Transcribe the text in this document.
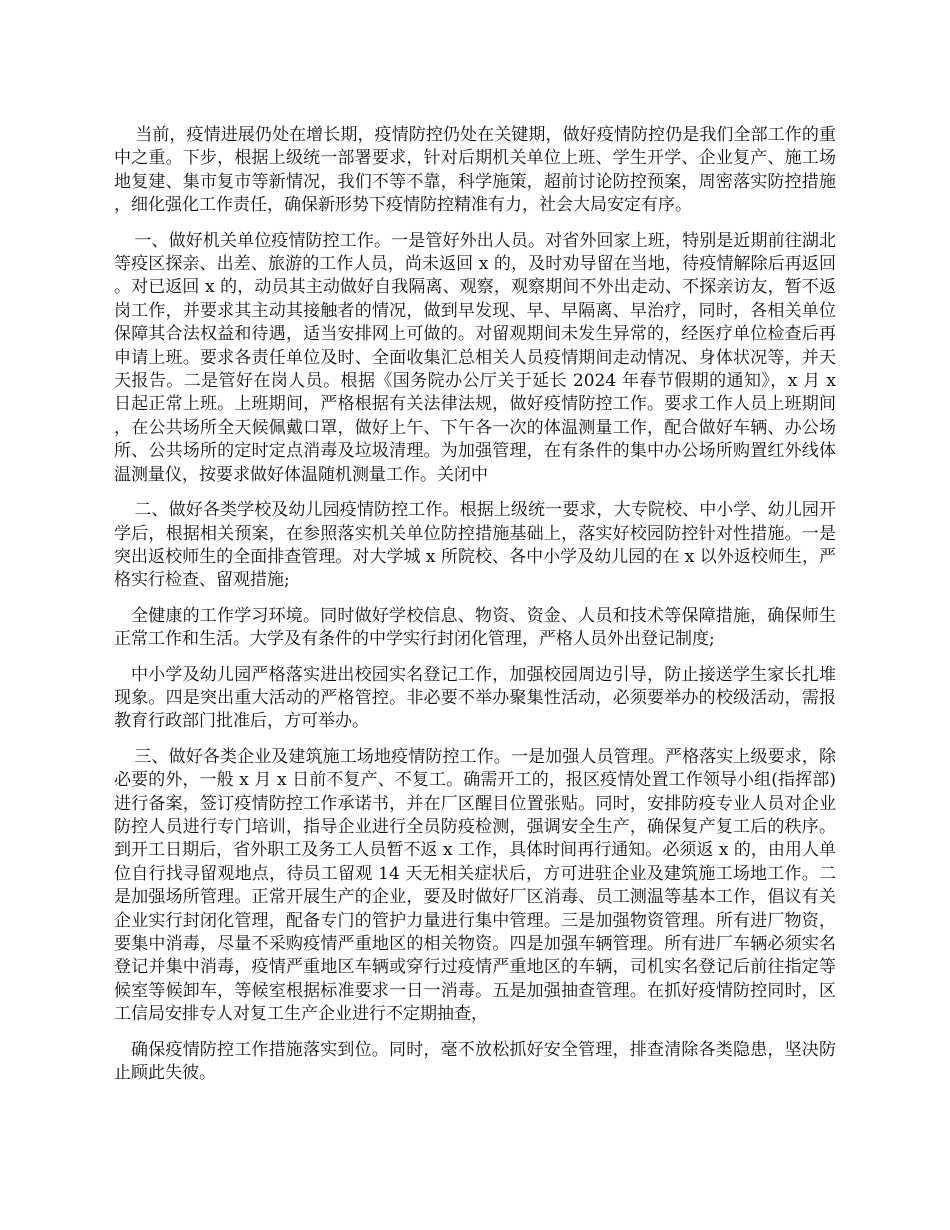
当前，疫情进展仍处在增长期，疫情防控仍处在关键期，做好疫情防控仍是我们全部工作的重中之重。下步，根据上级统一部署要求，针对后期机关单位上班、学生开学、企业复产、施工场地复建、集市复市等新情况，我们不等不靠，科学施策，超前讨论防控预案，周密落实防控措施，细化强化工作责任，确保新形势下疫情防控精准有力，社会大局安定有序。

一、做好机关单位疫情防控工作。一是管好外出人员。对省外回家上班，特别是近期前往湖北等疫区探亲、出差、旅游的工作人员，尚未返回 x 的，及时劝导留在当地，待疫情解除后再返回。对已返回 x 的，动员其主动做好自我隔离、观察，观察期间不外出走动、不探亲访友，暂不返岗工作，并要求其主动其接触者的情况，做到早发现、早、早隔离、早治疗，同时，各相关单位保障其合法权益和待遇，适当安排网上可做的。对留观期间未发生异常的，经医疗单位检查后再申请上班。要求各责任单位及时、全面收集汇总相关人员疫情期间走动情况、身体状况等，并天天报告。二是管好在岗人员。根据《国务院办公厅关于延长 2024 年春节假期的通知》，x 月 x 日起正常上班。上班期间，严格根据有关法律法规，做好疫情防控工作。要求工作人员上班期间，在公共场所全天候佩戴口罩，做好上午、下午各一次的体温测量工作，配合做好车辆、办公场所、公共场所的定时定点消毒及垃圾清理。为加强管理，在有条件的集中办公场所购置红外线体温测量仪，按要求做好体温随机测量工作。关闭中

二、做好各类学校及幼儿园疫情防控工作。根据上级统一要求，大专院校、中小学、幼儿园开学后，根据相关预案，在参照落实机关单位防控措施基础上，落实好校园防控针对性措施。一是突出返校师生的全面排查管理。对大学城 x 所院校、各中小学及幼儿园的在 x 以外返校师生，严格实行检查、留观措施;

全健康的工作学习环境。同时做好学校信息、物资、资金、人员和技术等保障措施，确保师生正常工作和生活。大学及有条件的中学实行封闭化管理，严格人员外出登记制度;

中小学及幼儿园严格落实进出校园实名登记工作，加强校园周边引导，防止接送学生家长扎堆现象。四是突出重大活动的严格管控。非必要不举办聚集性活动，必须要举办的校级活动，需报教育行政部门批准后，方可举办。

三、做好各类企业及建筑施工场地疫情防控工作。一是加强人员管理。严格落实上级要求，除必要的外，一般 x 月 x 日前不复产、不复工。确需开工的，报区疫情处置工作领导小组(指挥部)进行备案，签订疫情防控工作承诺书，并在厂区醒目位置张贴。同时，安排防疫专业人员对企业防控人员进行专门培训，指导企业进行全员防疫检测，强调安全生产，确保复产复工后的秩序。到开工日期后，省外职工及务工人员暂不返 x 工作，具体时间再行通知。必须返 x 的，由用人单位自行找寻留观地点，待员工留观 14 天无相关症状后，方可进驻企业及建筑施工场地工作。二是加强场所管理。正常开展生产的企业，要及时做好厂区消毒、员工测温等基本工作，倡议有关企业实行封闭化管理，配备专门的管护力量进行集中管理。三是加强物资管理。所有进厂物资，要集中消毒，尽量不采购疫情严重地区的相关物资。四是加强车辆管理。所有进厂车辆必须实名登记并集中消毒，疫情严重地区车辆或穿行过疫情严重地区的车辆，司机实名登记后前往指定等候室等候卸车，等候室根据标准要求一日一消毒。五是加强抽查管理。在抓好疫情防控同时，区工信局安排专人对复工生产企业进行不定期抽查，

确保疫情防控工作措施落实到位。同时，毫不放松抓好安全管理，排查清除各类隐患，坚决防止顾此失彼。
